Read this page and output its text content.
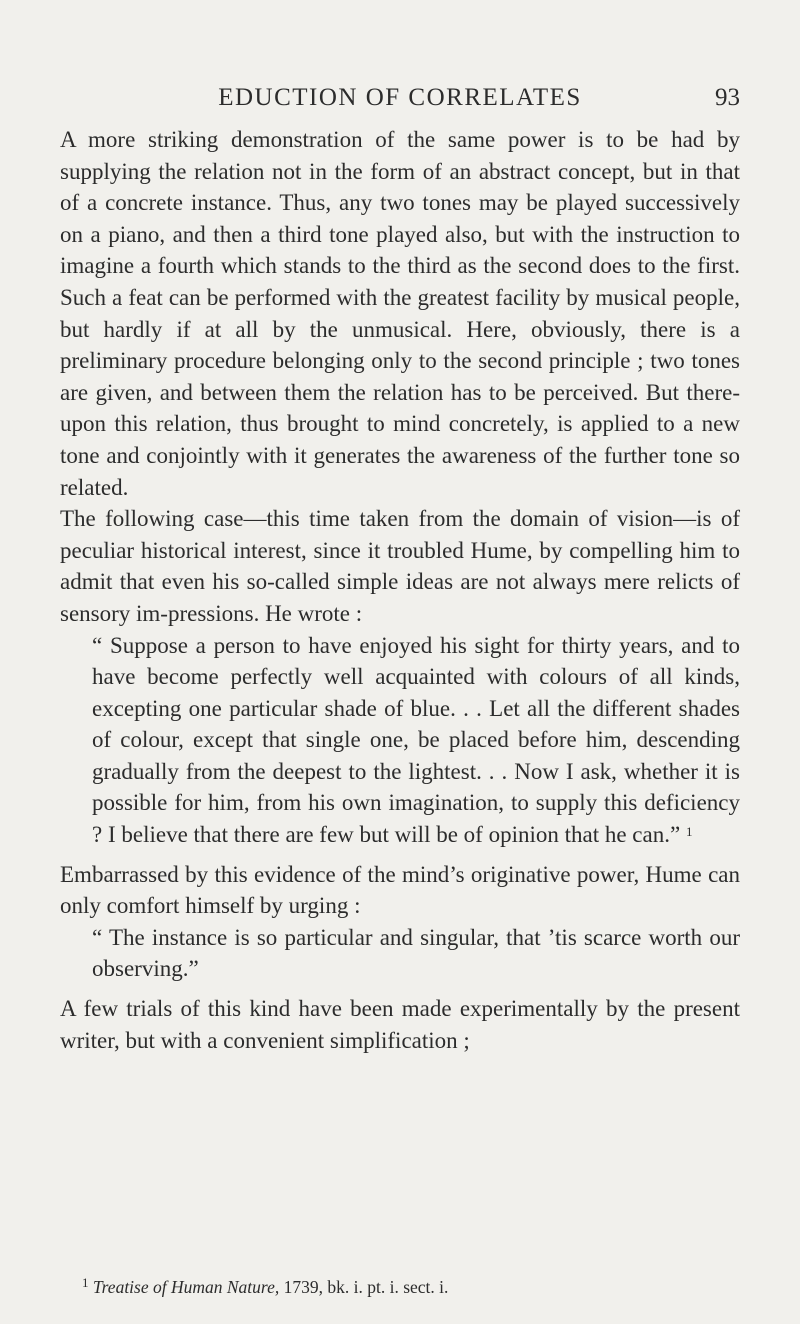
EDUCTION OF CORRELATES	93

A more striking demonstration of the same power is to be had by supplying the relation not in the form of an abstract concept, but in that of a concrete instance. Thus, any two tones may be played successively on a piano, and then a third tone played also, but with the instruction to imagine a fourth which stands to the third as the second does to the first. Such a feat can be performed with the greatest facility by musical people, but hardly if at all by the unmusical. Here, obviously, there is a preliminary procedure belonging only to the second principle ; two tones are given, and between them the relation has to be perceived. But there-upon this relation, thus brought to mind concretely, is applied to a new tone and conjointly with it generates the awareness of the further tone so related.

The following case—this time taken from the domain of vision—is of peculiar historical interest, since it troubled Hume, by compelling him to admit that even his so-called simple ideas are not always mere relicts of sensory im-pressions. He wrote :

“ Suppose a person to have enjoyed his sight for thirty years, and to have become perfectly well acquainted with colours of all kinds, excepting one particular shade of blue. . . Let all the different shades of colour, except that single one, be placed before him, descending gradually from the deepest to the lightest. . . Now I ask, whether it is possible for him, from his own imagination, to supply this deficiency ? I believe that there are few but will be of opinion that he can.” $^1$

Embarrassed by this evidence of the mind’s originative power, Hume can only comfort himself by urging :

“ The instance is so particular and singular, that ’tis scarce worth our observing.”

A few trials of this kind have been made experimentally by the present writer, but with a convenient simplification ;

$^1$ Treatise of Human Nature, 1739, bk. i. pt. i. sect. i.
